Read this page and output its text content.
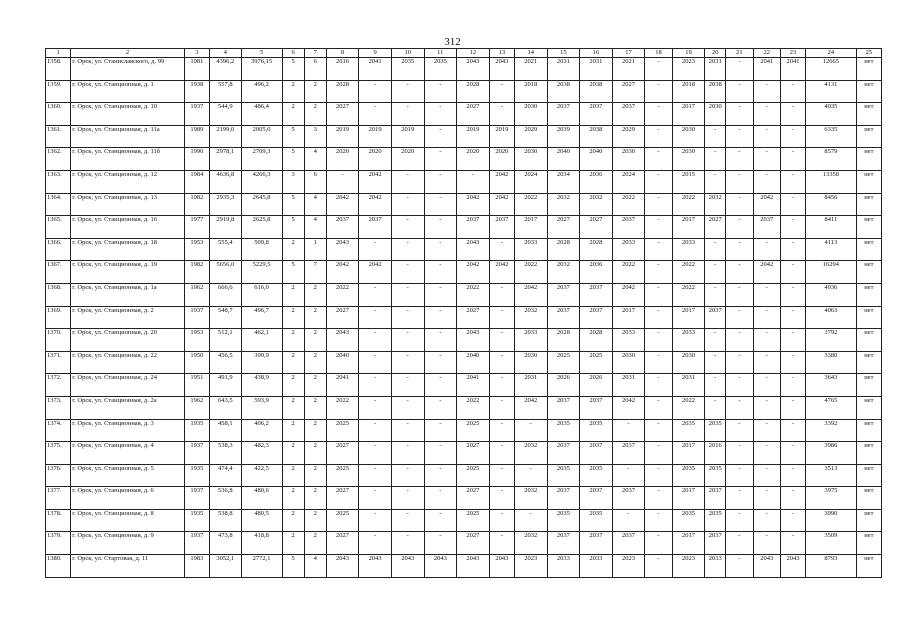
312
1	2	3	4	5	6	7	8	9	10	11	12	13	14	15	16	17	18	19	20	21	22	23	24	25
1358.	г. Орск, ул. Станиславского, д. 99	1981	4396,2	3976,15	5	6	2016	2041	2035	2035	2043	2043	2021	2031	2031	2021	-	2023	2031	-	2041	2041	12665	нет
1359.	г. Орск, ул. Станционная, д. 1	1938	557,8	496,2	2	2	2028	-	-	-	2028	-	2018	2038	2038	2027	-	2018	2038	-	-	-	4131	нет
1360.	г. Орск, ул. Станционная, д. 10	1937	544,9	486,4	2	2	2027	-	-	-	2027	-	2030	2037	2037	2037	-	2017	2030	-	-	-	4035	нет
1361.	г. Орск, ул. Станционная, д. 11а	1989	2199,0	2005,0	5	3	2019	2019	2019	-	2019	2019	2029	2039	2038	2029	-	2030	-	-	-	-	6335	нет
1362.	г. Орск, ул. Станционная, д. 11б	1990	2978,1	2709,3	5	4	2020	2020	2020	-	2020	2020	2030	2040	2040	2030	-	2030	-	-	-	-	8579	нет
1363.	г. Орск, ул. Станционная, д. 12	1984	4636,8	4266,3	3	6	-	2042	-	-	-	2042	2024	2034	2036	2024	-	2015	-	-	-	-	13358	нет
1364.	г. Орск, ул. Станционная, д. 13	1982	2935,3	2645,8	5	4	2042	2042	-	-	2042	2042	2022	2032	2032	2022	-	2022	2032	-	2042	-	8456	нет
1365.	г. Орск, ул. Станционная, д. 16	1977	2919,8	2625,8	5	4	2037	2037	-	-	2037	2037	2017	2027	2027	2037	-	2017	2027	-	2037	-	8411	нет
1366.	г. Орск, ул. Станционная, д. 18	1953	555,4	509,8	2	1	2043	-	-	-	2043	-	2033	2028	2028	2033	-	2033	-	-	-	-	4113	нет
1367.	г. Орск, ул. Станционная, д. 19	1982	5656,0	5229,5	5	7	2042	2042	-	-	2042	2042	2022	2032	2036	2022	-	2022	-	-	2042	-	16294	нет
1368.	г. Орск, ул. Станционная, д. 1а	1962	666,6	616,0	2	2	2022	-	-	-	2022	-	2042	2037	2037	2042	-	2022	-	-	-	-	4936	нет
1369.	г. Орск, ул. Станционная, д. 2	1937	548,7	496,7	2	2	2027	-	-	-	2027	-	2032	2037	2037	2017	-	2017	2037	-	-	-	4063	нет
1370.	г. Орск, ул. Станционная, д. 20	1953	512,1	462,1	2	2	2043	-	-	-	2043	-	2033	2028	2028	2033	-	2033	-	-	-	-	3792	нет
1371.	г. Орск, ул. Станционная, д. 22	1950	456,5	399,9	2	2	2040	-	-	-	2040	-	2030	2025	2025	2030	-	2030	-	-	-	-	3380	нет
1372.	г. Орск, ул. Станционная, д. 24	1951	491,9	438,9	2	2	2041	-	-	-	2041	-	2031	2026	2026	2031	-	2031	-	-	-	-	3643	нет
1373.	г. Орск, ул. Станционная, д. 2а	1962	643,5	593,9	2	2	2022	-	-	-	2022	-	2042	2037	2037	2042	-	2022	-	-	-	-	4765	нет
1374.	г. Орск, ул. Станционная, д. 3	1935	458,1	406,2	2	2	2025	-	-	-	2025	-	-	2035	2035	-	-	2035	2035	-	-	-	3392	нет
1375.	г. Орск, ул. Станционная, д. 4	1937	538,3	482,3	2	2	2027	-	-	-	2027	-	2032	2037	2037	2037	-	2017	2016	-	-	-	3986	нет
1376.	г. Орск, ул. Станционная, д. 5	1935	474,4	422,5	2	2	2025	-	-	-	2025	-	-	2035	2035	-	-	2035	2035	-	-	-	3513	нет
1377.	г. Орск, ул. Станционная, д. 6	1937	536,8	480,6	2	2	2027	-	-	-	2027	-	2032	2037	2037	2037	-	2017	2037	-	-	-	3975	нет
1378.	г. Орск, ул. Станционная, д. 8	1935	538,8	480,5	2	2	2025	-	-	-	2025	-	-	2035	2035	-	-	2035	2035	-	-	-	3990	нет
1379.	г. Орск, ул. Станционная, д. 9	1937	473,8	418,8	2	2	2027	-	-	-	2027	-	2032	2037	2037	2037	-	2017	2037	-	-	-	3509	нет
1380.	г. Орск, ул. Стартовая, д. 11	1983	3052,1	2772,1	5	4	2043	2043	2043	2043	2043	2043	2023	2033	2033	2023	-	2023	2033	-	2043	2043	8793	нет
